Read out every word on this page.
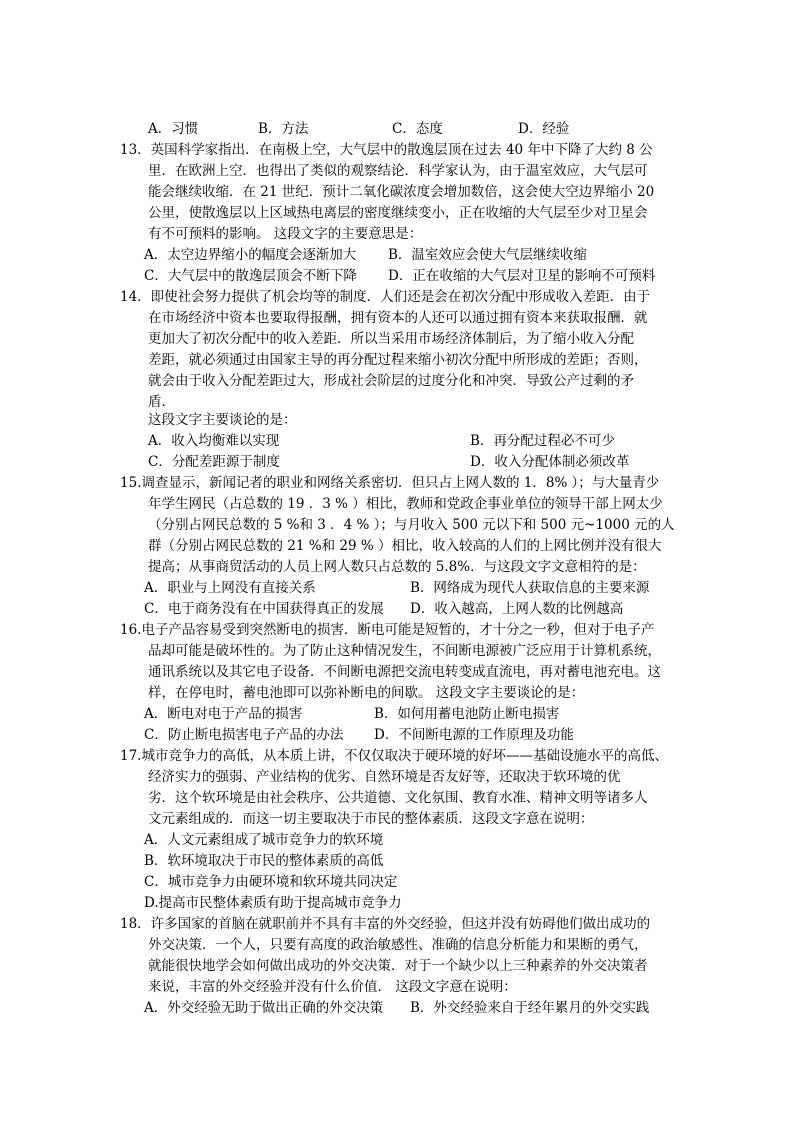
A．习惯	B．方法	C．态度	D．经验
13．英国科学家指出．在南极上空，大气层中的散逸层顶在过去 40 年中下降了大约 8 公
里．在欧洲上空．也得出了类似的观察结论．科学家认为，由于温室效应，大气层可
能会继续收缩．在 21 世纪．预计二氧化碳浓度会增加数倍，这会使大空边界缩小 20
公里，使散逸层以上区域热电离层的密度继续变小，正在收缩的大气层至少对卫星会
有不可预料的影响。 这段文字的主要意思是：
A．太空边界缩小的幅度会逐渐加大 B．温室效应会使大气层继续收缩
C．大气层中的散逸层顶会不断下降 D．正在收缩的大气层对卫星的影响不可预料
14．即使社会努力提供了机会均等的制度．人们还是会在初次分配中形成收入差距．由于
在市场经济中资本也要取得报酬，拥有资本的人还可以通过拥有资本来获取报酬．就
更加大了初次分配中的收入差距．所以当采用市场经济体制后，为了缩小收入分配
差距，就必须通过由国家主导的再分配过程来缩小初次分配中所形成的差距；否则，
就会由于收入分配差距过大，形成社会阶层的过度分化和冲突．导致公产过剩的矛
盾．
这段文字主要谈论的是：
A．收入均衡难以实现	B．再分配过程必不可少
C．分配差距源于制度	D．收入分配体制必须改革
15.调查显示，新闻记者的职业和网络关系密切．但只占上网人数的 1．8% ）；与大量青少
年学生网民（占总数的 19 ．3 % ）相比，教师和党政企事业单位的领导干部上网太少
（分别占网民总数的 5 %和 3 ．4 % ）；与月收入 500 元以下和 500 元~1000 元的人
群（分别占网民总数的 21 %和 29 % ）相比，收入较高的人们的上网比例并没有很大
提高；从事商贸活动的人员上网人数只占总数的 5.8%．与这段文字文意相符的是：
A．职业与上网没有直接关系	B．网络成为现代人获取信息的主要来源
C．电于商务没有在中国获得真正的发展 D．收入越高，上网人数的比例越高
16.电子产品容易受到突然断电的损害．断电可能是短暂的，才十分之一秒，但对于电子产
品却可能是破坏性的。为了防止这种情况发生，不间断电源被广泛应用于计算机系统，
通讯系统以及其它电子设备．不间断电源把交流电转变成直流电，再对蓄电池充电。这
样，在停电时，蓄电池即可以弥补断电的间歇。 这段文字主要谈论的是：
A．断电对电于产品的损害	B．如何用蓄电池防止断电损害
C．防止断电损害电子产品的办法 D．不间断电源的工作原理及功能
17.城市竞争力的高低，从本质上讲，不仅仅取决于硬环境的好坏——基础设施水平的高低、
经济实力的强弱、产业结构的优劣、自然环境是否友好等，还取决于软环境的优
劣．这个软环境是由社会秩序、公共道德、文化氛围、教育水准、精神文明等诸多人
文元素组成的．而这一切主要取决于市民的整体素质．这段文字意在说明：
A．人文元素组成了城市竞争力的软环境
B．软环境取决于市民的整体素质的高低
C．城市竞争力由硬环境和软环境共同决定
D.提高市民整体素质有助于提高城市竞争力
18．许多国家的首脑在就职前并不具有丰富的外交经验，但这并没有妨碍他们做出成功的
外交决策．一个人，只要有高度的政治敏感性、准确的信息分析能力和果断的勇气，
就能很快地学会如何做出成功的外交决策．对于一个缺少以上三种素养的外交决策者
来说，丰富的外交经验并没有什么价值． 这段文字意在说明：
A．外交经验无助于做出正确的外交决策 B．外交经验来自于经年累月的外交实践
